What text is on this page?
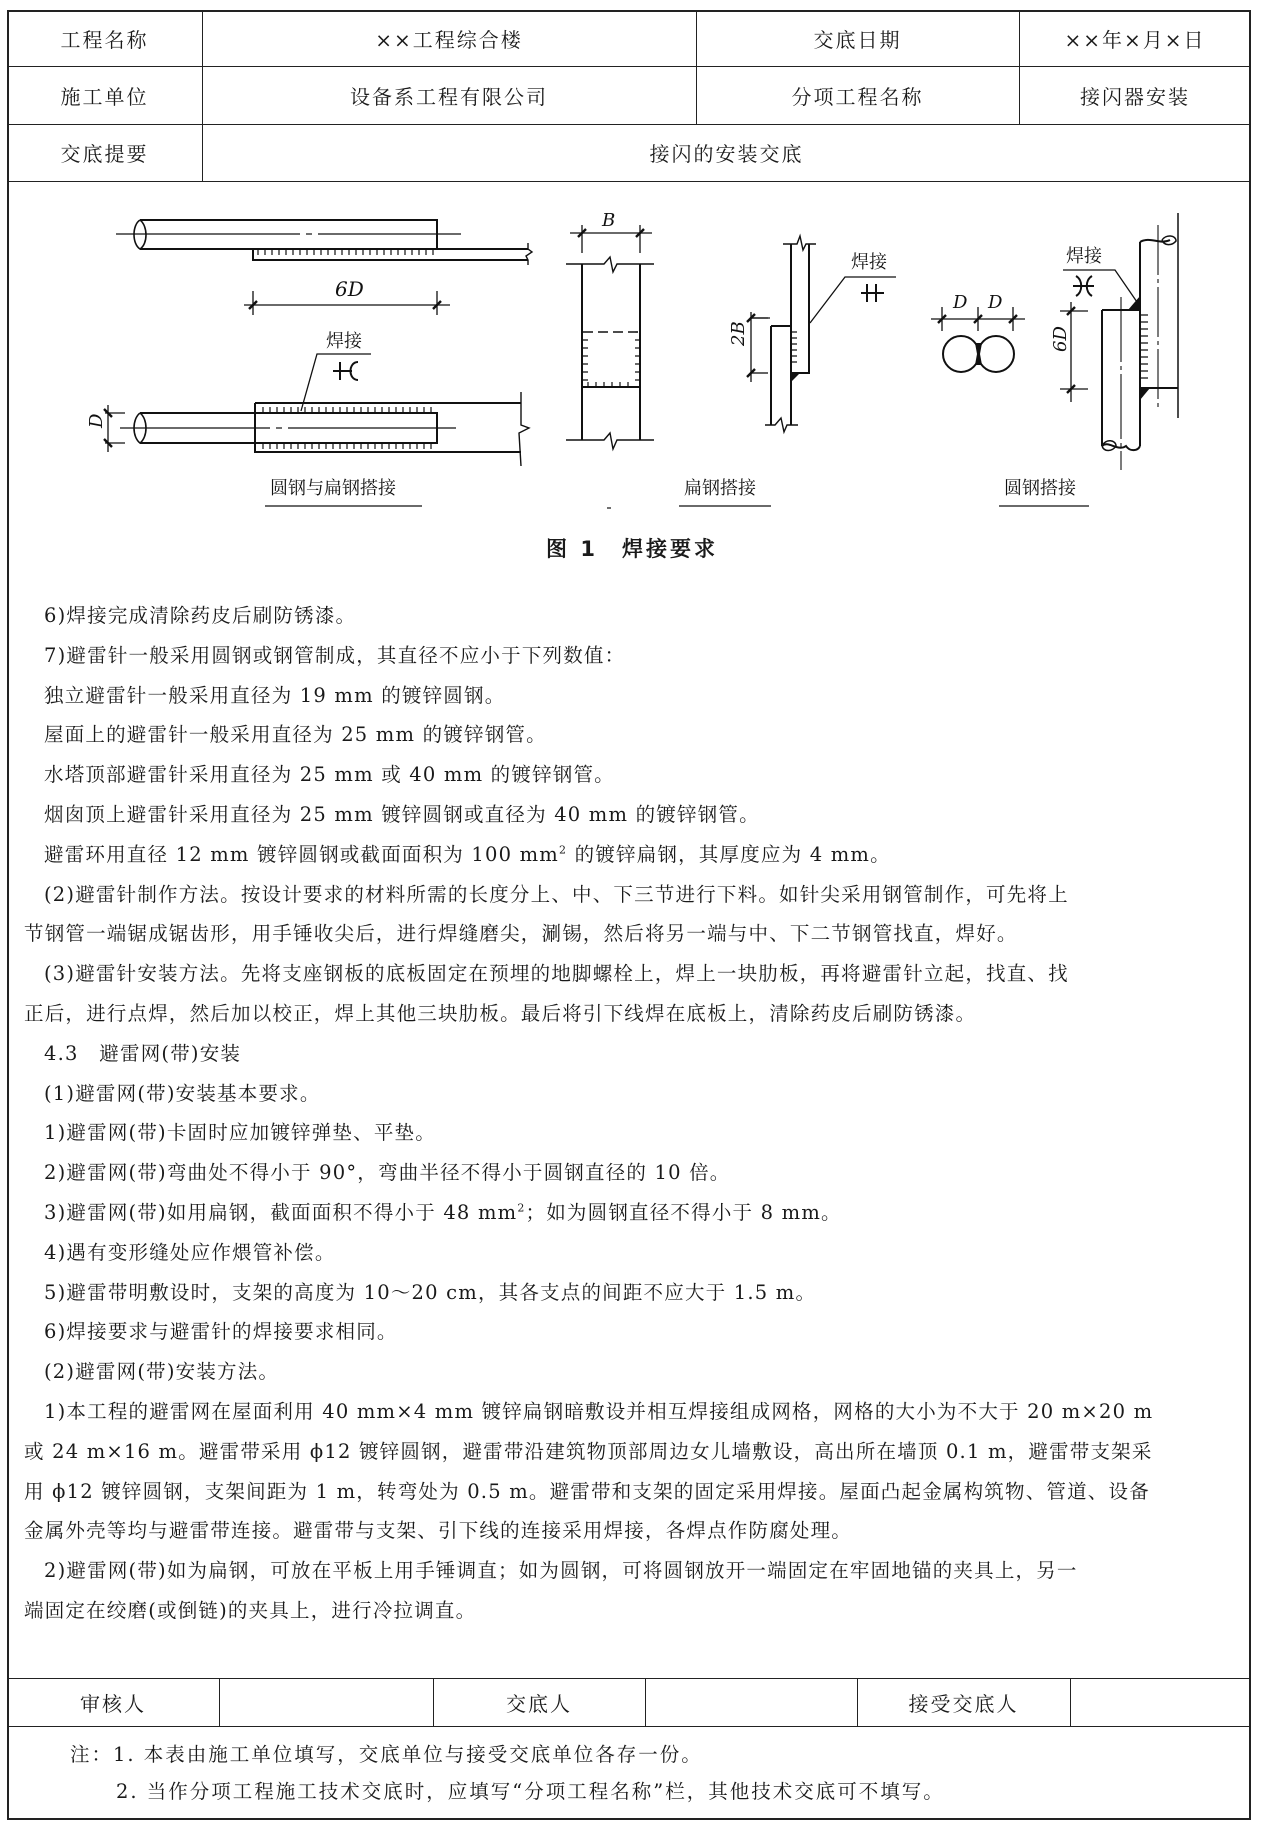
工程名称	××工程综合楼	交底日期	××年×月×日
施工单位	设备系工程有限公司	分项工程名称	接闪器安装
交底提要	接闪的安装交底
6D
D
焊接
圆钢与扁钢搭接
B
2B
焊接
扁钢搭接
D D
6D
焊接
圆钢搭接
图 1　焊接要求
6)焊接完成清除药皮后刷防锈漆。
7)避雷针一般采用圆钢或钢管制成，其直径不应小于下列数值：
独立避雷针一般采用直径为 19 mm 的镀锌圆钢。
屋面上的避雷针一般采用直径为 25 mm 的镀锌钢管。
水塔顶部避雷针采用直径为 25 mm 或 40 mm 的镀锌钢管。
烟囱顶上避雷针采用直径为 25 mm 镀锌圆钢或直径为 40 mm 的镀锌钢管。
避雷环用直径 12 mm 镀锌圆钢或截面面积为 100 $mm^2$ 的镀锌扁钢，其厚度应为 4 mm。
(2)避雷针制作方法。按设计要求的材料所需的长度分上、中、下三节进行下料。如针尖采用钢管制作，可先将上
节钢管一端锯成锯齿形，用手锤收尖后，进行焊缝磨尖，涮锡，然后将另一端与中、下二节钢管找直，焊好。
(3)避雷针安装方法。先将支座钢板的底板固定在预埋的地脚螺栓上，焊上一块肋板，再将避雷针立起，找直、找
正后，进行点焊，然后加以校正，焊上其他三块肋板。最后将引下线焊在底板上，清除药皮后刷防锈漆。
4.3　避雷网(带)安装
(1)避雷网(带)安装基本要求。
1)避雷网(带)卡固时应加镀锌弹垫、平垫。
2)避雷网(带)弯曲处不得小于 90°，弯曲半径不得小于圆钢直径的 10 倍。
3)避雷网(带)如用扁钢，截面面积不得小于 48 $mm^2$；如为圆钢直径不得小于 8 mm。
4)遇有变形缝处应作煨管补偿。
5)避雷带明敷设时，支架的高度为 10～20 cm，其各支点的间距不应大于 1.5 m。
6)焊接要求与避雷针的焊接要求相同。
(2)避雷网(带)安装方法。
1)本工程的避雷网在屋面利用 40 mm×4 mm 镀锌扁钢暗敷设并相互焊接组成网格，网格的大小为不大于 20 m×20 m
或 24 m×16 m。避雷带采用 ϕ12 镀锌圆钢，避雷带沿建筑物顶部周边女儿墙敷设，高出所在墙顶 0.1 m，避雷带支架采
用 ϕ12 镀锌圆钢，支架间距为 1 m，转弯处为 0.5 m。避雷带和支架的固定采用焊接。屋面凸起金属构筑物、管道、设备
金属外壳等均与避雷带连接。避雷带与支架、引下线的连接采用焊接，各焊点作防腐处理。
2)避雷网(带)如为扁钢，可放在平板上用手锤调直；如为圆钢，可将圆钢放开一端固定在牢固地锚的夹具上，另一
端固定在绞磨(或倒链)的夹具上，进行冷拉调直。
审核人	交底人	接受交底人
注：1. 本表由施工单位填写，交底单位与接受交底单位各存一份。
2. 当作分项工程施工技术交底时，应填写“分项工程名称”栏，其他技术交底可不填写。
